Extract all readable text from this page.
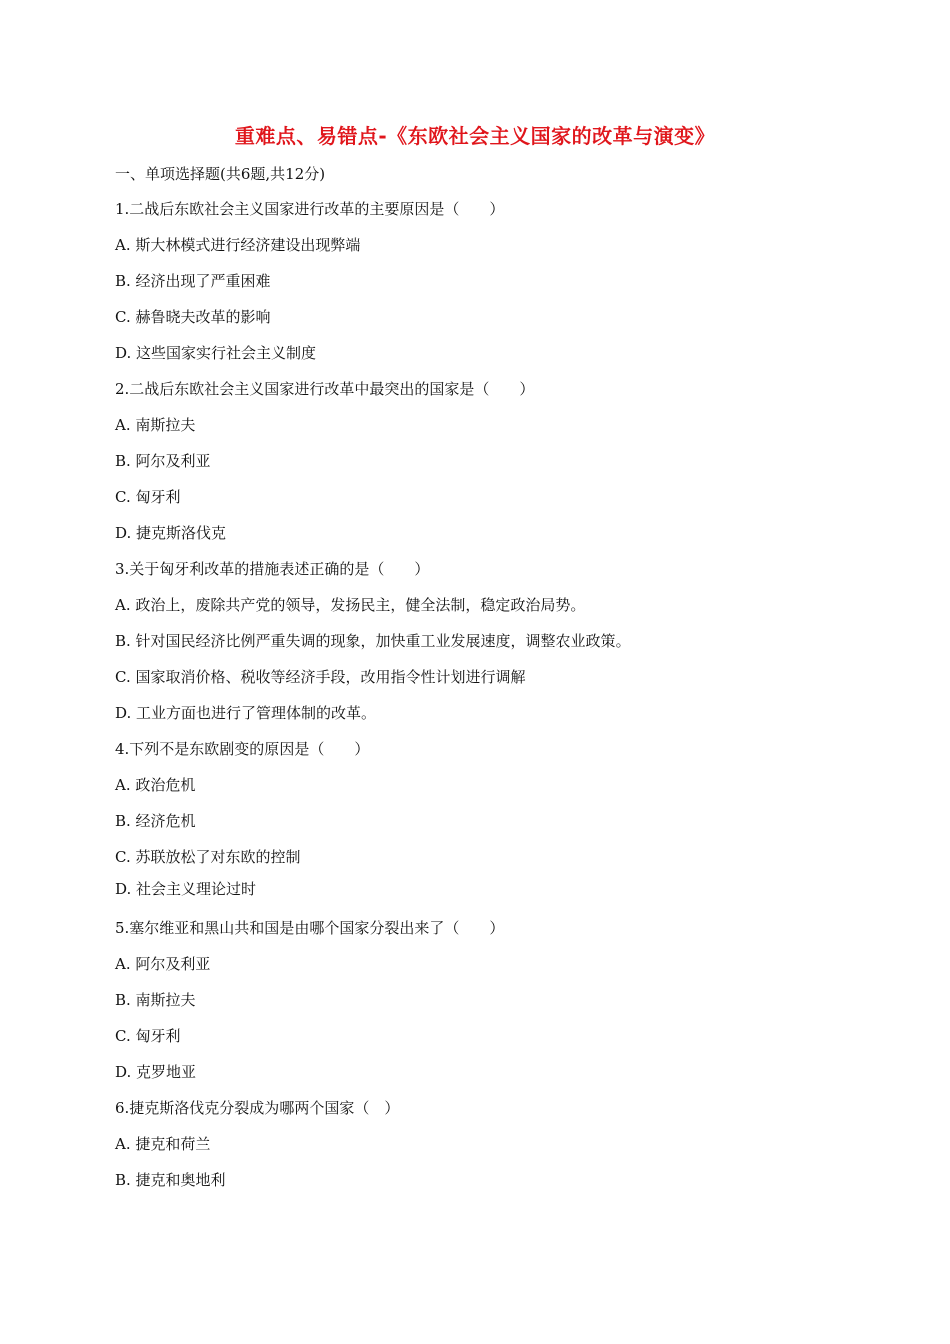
重难点、易错点-《东欧社会主义国家的改革与演变》
一、单项选择题(共6题,共12分)
1.二战后东欧社会主义国家进行改革的主要原因是（　　）
A. 斯大林模式进行经济建设出现弊端
B. 经济出现了严重困难
C. 赫鲁晓夫改革的影响
D. 这些国家实行社会主义制度
2.二战后东欧社会主义国家进行改革中最突出的国家是（　　）
A. 南斯拉夫
B. 阿尔及利亚
C. 匈牙利
D. 捷克斯洛伐克
3.关于匈牙利改革的措施表述正确的是（　　）
A. 政治上，废除共产党的领导，发扬民主，健全法制，稳定政治局势。
B. 针对国民经济比例严重失调的现象，加快重工业发展速度，调整农业政策。
C. 国家取消价格、税收等经济手段，改用指令性计划进行调解
D. 工业方面也进行了管理体制的改革。
4.下列不是东欧剧变的原因是（　　）
A. 政治危机
B. 经济危机
C. 苏联放松了对东欧的控制
D. 社会主义理论过时
5.塞尔维亚和黑山共和国是由哪个国家分裂出来了（　　）
A. 阿尔及利亚
B. 南斯拉夫
C. 匈牙利
D. 克罗地亚
6.捷克斯洛伐克分裂成为哪两个国家（　）
A. 捷克和荷兰
B. 捷克和奥地利
